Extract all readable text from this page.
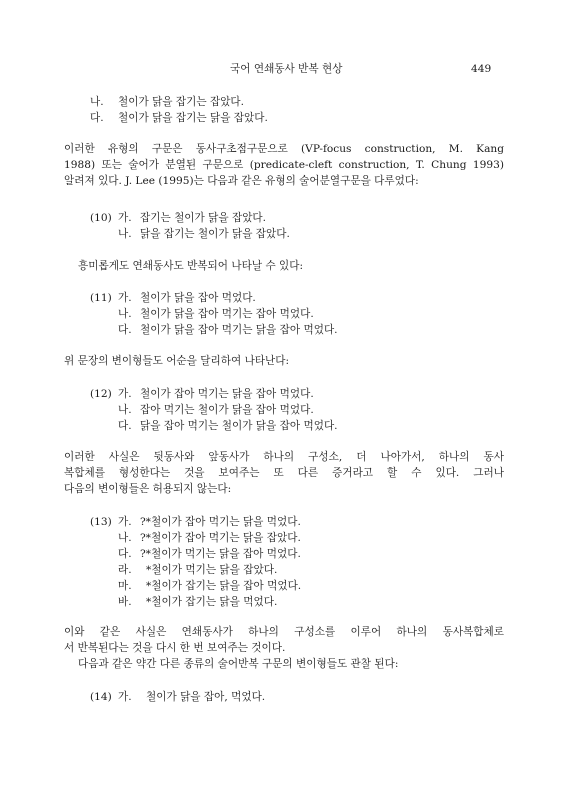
국어 연쇄동사 반복 현상	449
나.	철이가 닭을 잡기는 잡았다.
다.	철이가 닭을 잡기는 닭을 잡았다.
이러한 유형의 구문은 동사구초점구문으로 (VP-focus construction, M. Kang
1988) 또는 술어가 분열된 구문으로 (predicate-cleft construction, T. Chung 1993)
알려져 있다. J. Lee (1995)는 다음과 같은 유형의 술어분열구문을 다루었다:
(10) 가. 잡기는 철이가 닭을 잡았다.
나. 닭을 잡기는 철이가 닭을 잡았다.
흥미롭게도 연쇄동사도 반복되어 나타날 수 있다:
(11) 가. 철이가 닭을 잡아 먹었다.
나. 철이가 닭을 잡아 먹기는 잡아 먹었다.
다. 철이가 닭을 잡아 먹기는 닭을 잡아 먹었다.
위 문장의 변이형들도 어순을 달리하여 나타난다:
(12) 가. 철이가 잡아 먹기는 닭을 잡아 먹었다.
나. 잡아 먹기는 철이가 닭을 잡아 먹었다.
다. 닭을 잡아 먹기는 철이가 닭을 잡아 먹었다.
이러한 사실은 뒷동사와 앞동사가 하나의 구성소, 더 나아가서, 하나의 동사
복합체를 형성한다는 것을 보여주는 또 다른 증거라고 할 수 있다. 그러나
다음의 변이형들은 허용되지 않는다:
(13) 가. ?*철이가 잡아 먹기는 닭을 먹었다.
나. ?*철이가 잡아 먹기는 닭을 잡았다.
다. ?*철이가 먹기는 닭을 잡아 먹었다.
라.	*철이가 먹기는 닭을 잡았다.
마.	*철이가 잡기는 닭을 잡아 먹었다.
바.	*철이가 잡기는 닭을 먹었다.
이와 같은 사실은 연쇄동사가 하나의 구성소를 이루어 하나의 동사복합체로
서 반복된다는 것을 다시 한 번 보여주는 것이다.
다음과 같은 약간 다른 종류의 술어반복 구문의 변이형들도 관찰 된다:
(14) 가.	철이가 닭을 잡아, 먹었다.
